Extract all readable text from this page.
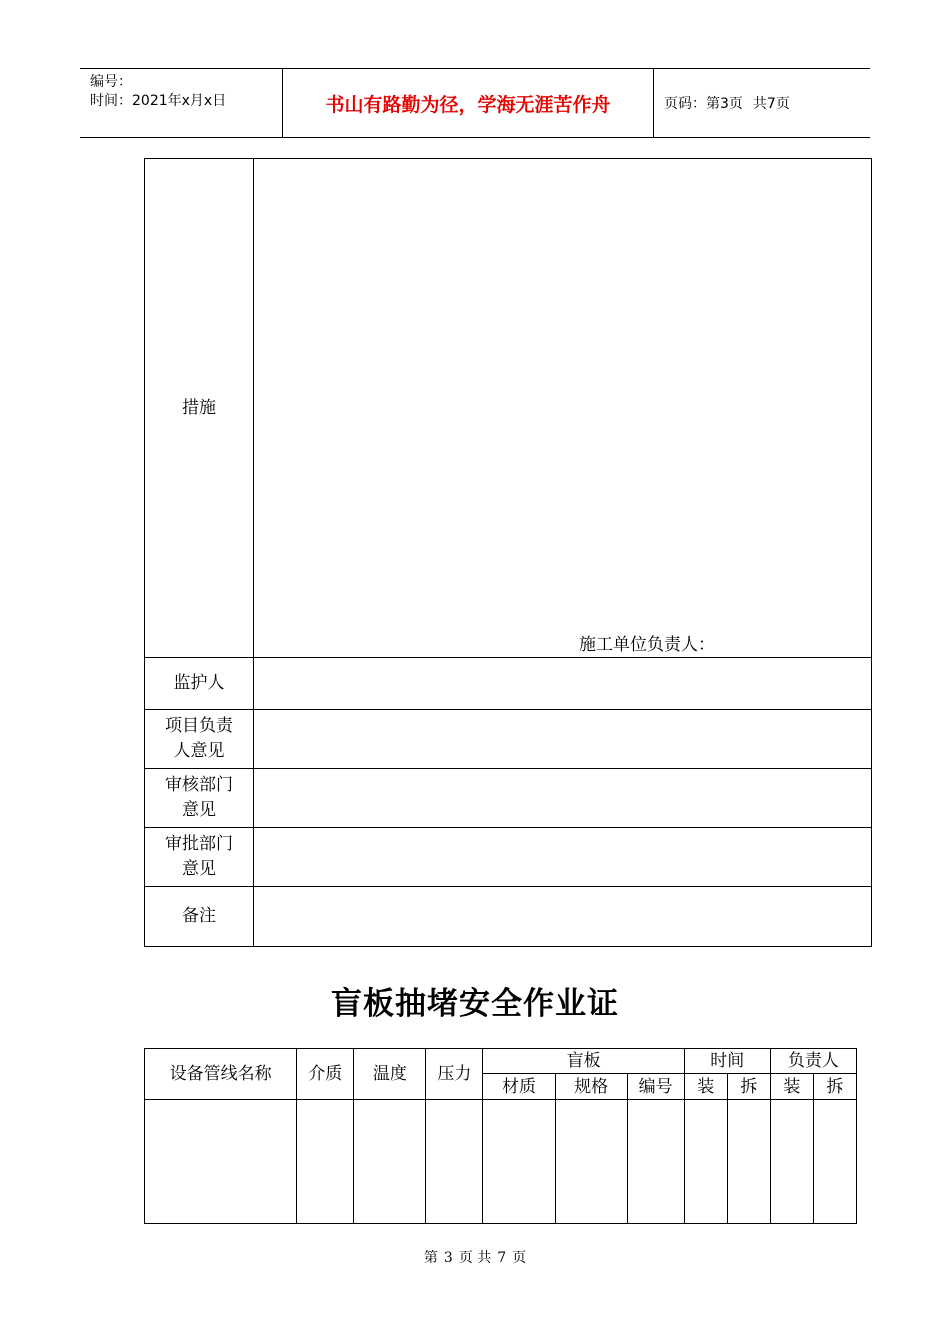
编号：
时间：2021年x月x日	书山有路勤为径，学海无涯苦作舟	页码：第3页 共7页
措施	施工单位负责人：

监护人	

项目负责
人意见	

审核部门
意见	

审批部门
意见	

备注	
盲板抽堵安全作业证
设备管线名称	介质	温度	压力	盲板			时间		负责人	
				材质	规格	编号	装	拆	装	拆

第 3 页 共 7 页
